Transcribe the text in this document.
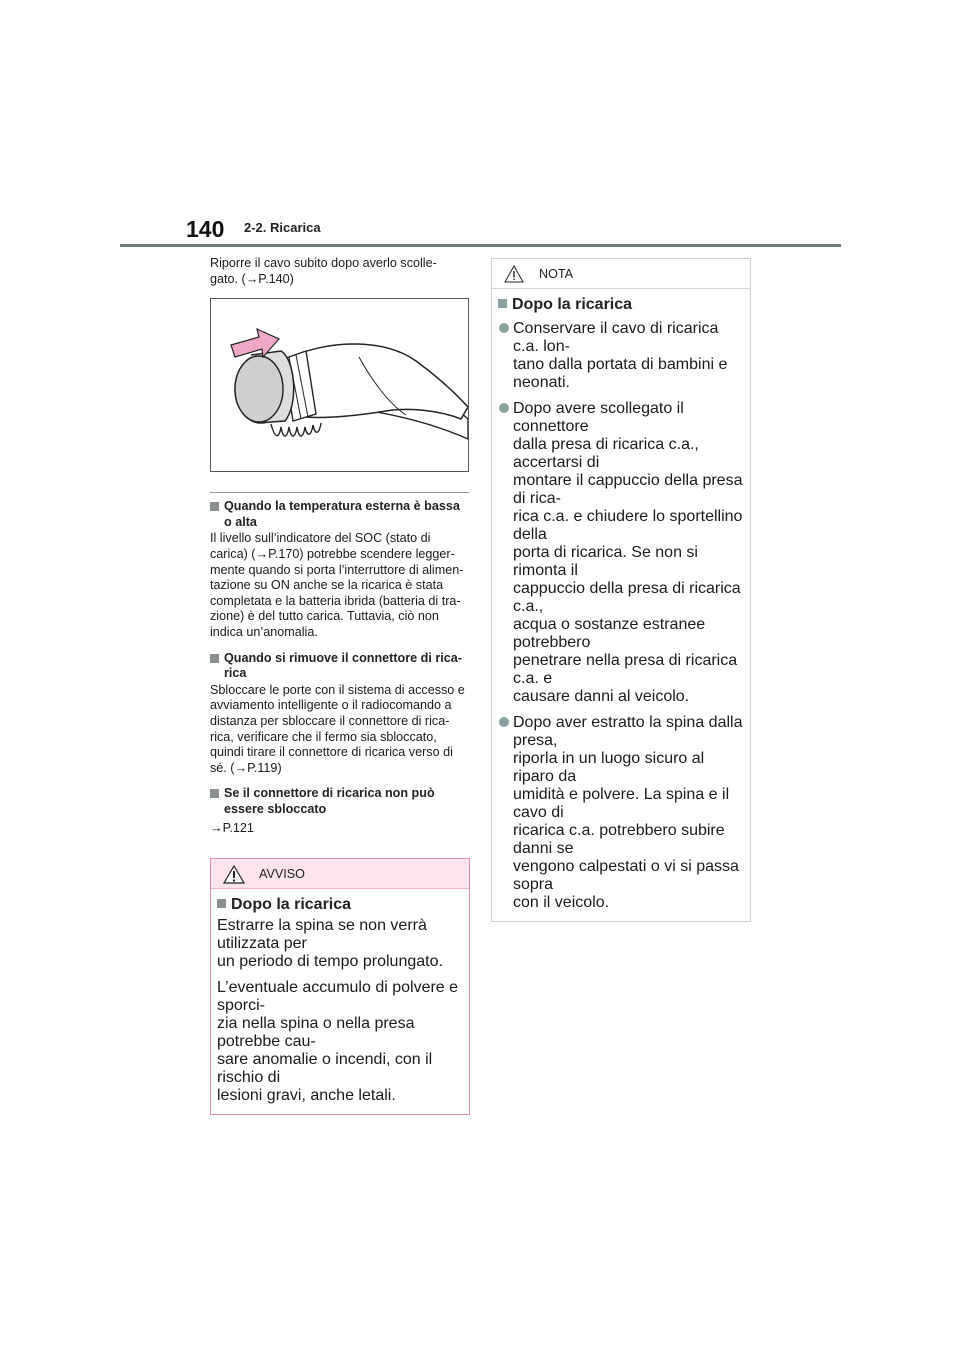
140 2-2. Ricarica

Riporre il cavo subito dopo averlo scolle-
gato. (→P.140)

Quando la temperatura esterna è bassa
o alta

Il livello sull’indicatore del SOC (stato di
carica) (→P.170) potrebbe scendere legger-
mente quando si porta l’interruttore di alimen-
tazione su ON anche se la ricarica è stata
completata e la batteria ibrida (batteria di tra-
zione) è del tutto carica. Tuttavia, ciò non
indica un’anomalia.

Quando si rimuove il connettore di rica-
rica

Sbloccare le porte con il sistema di accesso e
avviamento intelligente o il radiocomando a
distanza per sbloccare il connettore di rica-
rica, verificare che il fermo sia sbloccato,
quindi tirare il connettore di ricarica verso di
sé. (→P.119)

Se il connettore di ricarica non può
essere sbloccato

→P.121

AVVISO
Dopo la ricarica

Estrarre la spina se non verrà utilizzata per
un periodo di tempo prolungato.

L’eventuale accumulo di polvere e sporci-
zia nella spina o nella presa potrebbe cau-
sare anomalie o incendi, con il rischio di
lesioni gravi, anche letali.

NOTA
Dopo la ricarica
Conservare il cavo di ricarica c.a. lon-
tano dalla portata di bambini e neonati.
Dopo avere scollegato il connettore
dalla presa di ricarica c.a., accertarsi di
montare il cappuccio della presa di rica-
rica c.a. e chiudere lo sportellino della
porta di ricarica. Se non si rimonta il
cappuccio della presa di ricarica c.a.,
acqua o sostanze estranee potrebbero
penetrare nella presa di ricarica c.a. e
causare danni al veicolo.
Dopo aver estratto la spina dalla presa,
riporla in un luogo sicuro al riparo da
umidità e polvere. La spina e il cavo di
ricarica c.a. potrebbero subire danni se
vengono calpestati o vi si passa sopra
con il veicolo.
